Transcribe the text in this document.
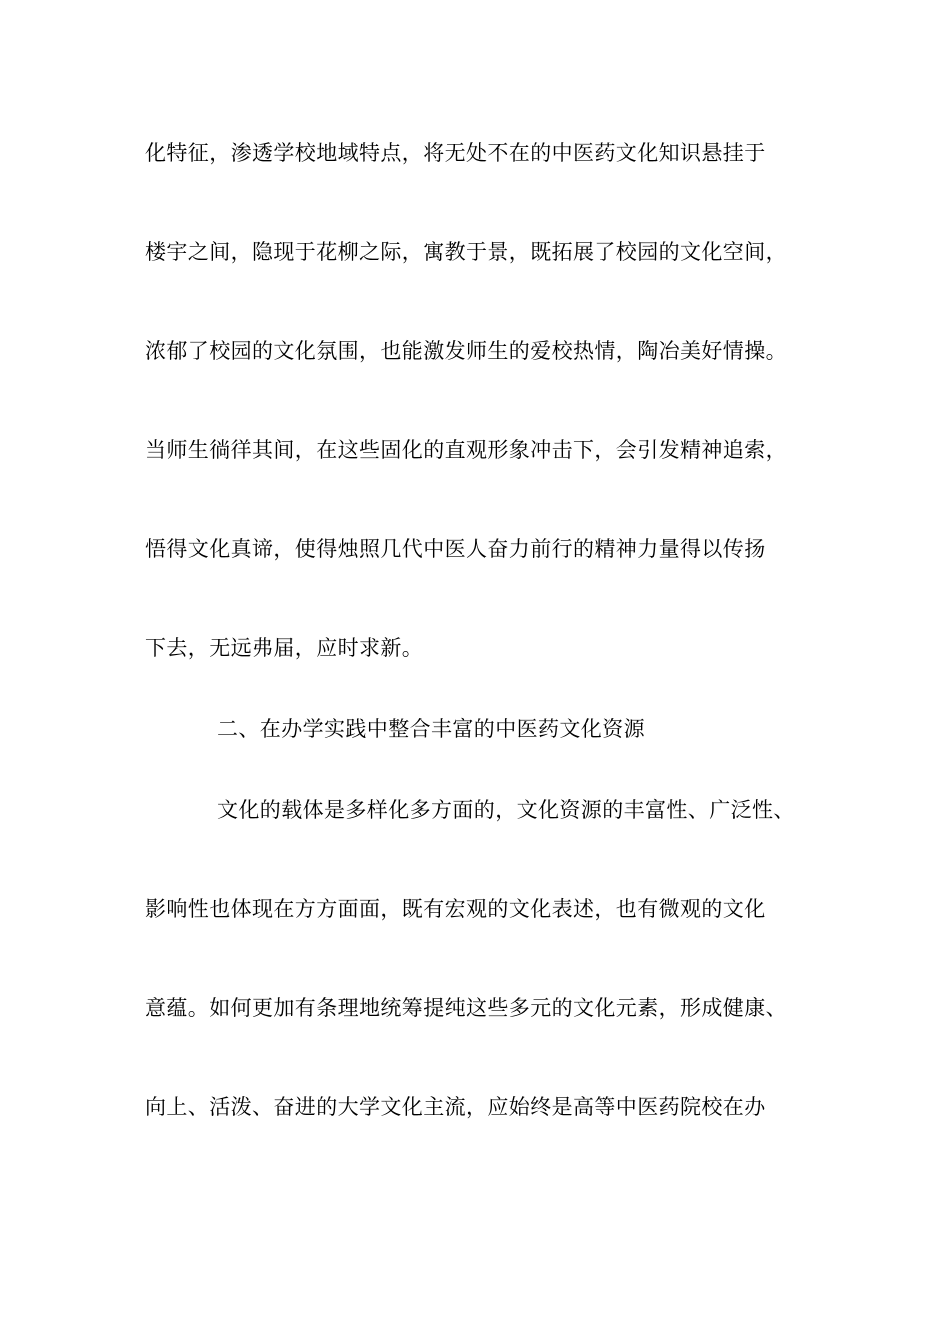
化特征，渗透学校地域特点，将无处不在的中医药文化知识悬挂于
楼宇之间，隐现于花柳之际，寓教于景，既拓展了校园的文化空间，
浓郁了校园的文化氛围，也能激发师生的爱校热情，陶冶美好情操。
当师生徜徉其间，在这些固化的直观形象冲击下，会引发精神追索，
悟得文化真谛，使得烛照几代中医人奋力前行的精神力量得以传扬
下去，无远弗届，应时求新。
二、在办学实践中整合丰富的中医药文化资源
文化的载体是多样化多方面的，文化资源的丰富性、广泛性、
影响性也体现在方方面面，既有宏观的文化表述，也有微观的文化
意蕴。如何更加有条理地统筹提纯这些多元的文化元素，形成健康、
向上、活泼、奋进的大学文化主流，应始终是高等中医药院校在办
